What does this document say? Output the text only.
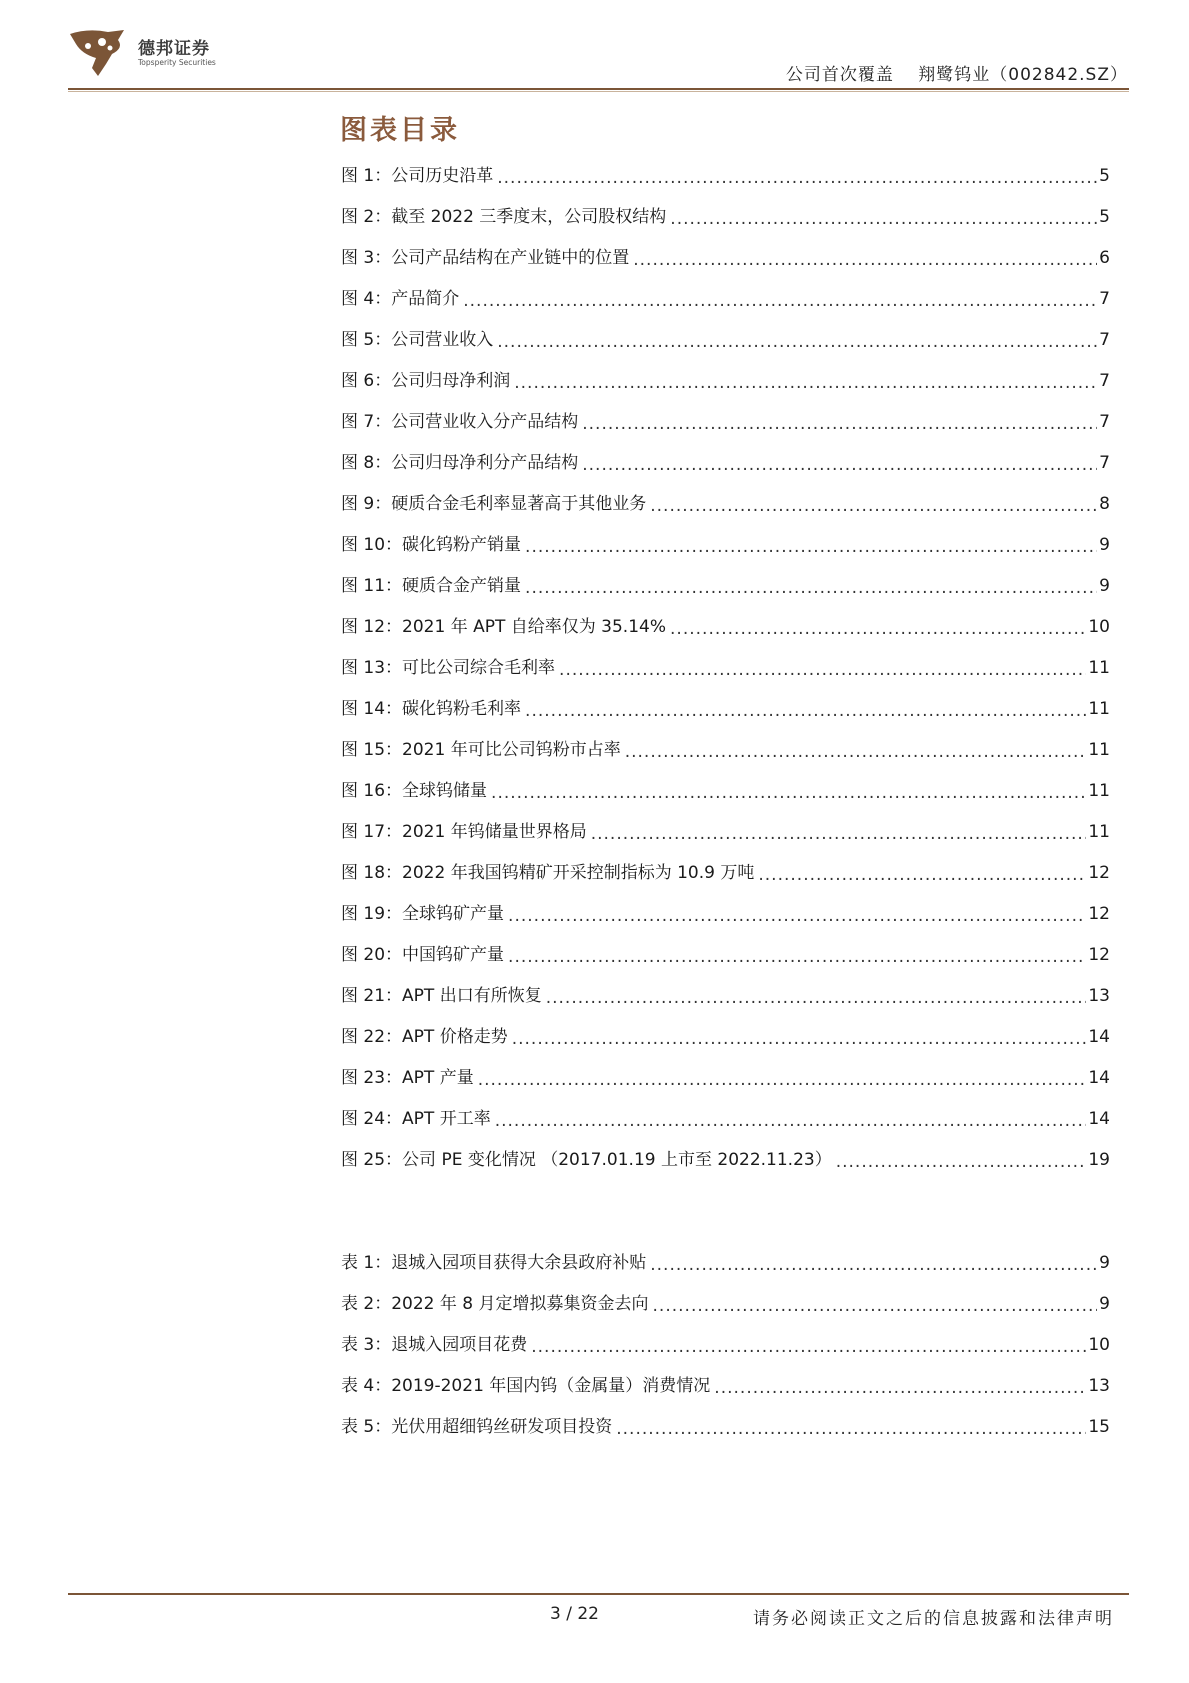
德邦证券
Topsperity Securities
公司首次覆盖 翔鹭钨业（002842.SZ）
图表目录
图 1：公司历史沿革 .....	5
图 2：截至 2022 三季度末，公司股权结构 .....	5
图 3：公司产品结构在产业链中的位置 .....	6
图 4：产品简介 .....	7
图 5：公司营业收入 .....	7
图 6：公司归母净利润 .....	7
图 7：公司营业收入分产品结构 .....	7
图 8：公司归母净利分产品结构 .....	7
图 9：硬质合金毛利率显著高于其他业务 .....	8
图 10：碳化钨粉产销量 .....	9
图 11：硬质合金产销量 .....	9
图 12：2021 年 APT 自给率仅为 35.14% .....	10
图 13：可比公司综合毛利率 .....	11
图 14：碳化钨粉毛利率 .....	11
图 15：2021 年可比公司钨粉市占率 .....	11
图 16：全球钨储量 .....	11
图 17：2021 年钨储量世界格局 .....	11
图 18：2022 年我国钨精矿开采控制指标为 10.9 万吨 .....	12
图 19：全球钨矿产量 .....	12
图 20：中国钨矿产量 .....	12
图 21：APT 出口有所恢复 .....	13
图 22：APT 价格走势 .....	14
图 23：APT 产量 .....	14
图 24：APT 开工率 .....	14
图 25：公司 PE 变化情况 （2017.01.19 上市至 2022.11.23） .....	19
表 1：退城入园项目获得大余县政府补贴 .....	9
表 2：2022 年 8 月定增拟募集资金去向 .....	9
表 3：退城入园项目花费 .....	10
表 4：2019-2021 年国内钨（金属量）消费情况 .....	13
表 5：光伏用超细钨丝研发项目投资 .....	15
3 / 22	请务必阅读正文之后的信息披露和法律声明
